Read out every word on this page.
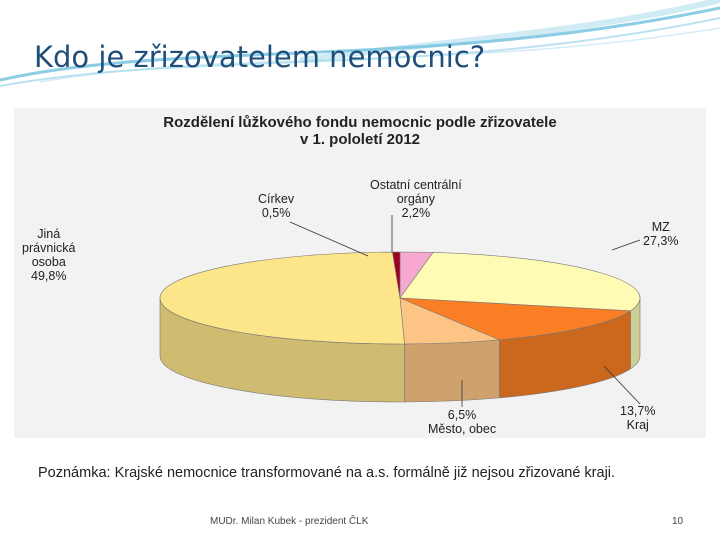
Kdo je zřizovatelem nemocnic?
Rozdělení lůžkového fondu nemocnic podle zřizovatele
v 1. pololetí 2012
Ostatní centrální
orgány
2,2%
Církev
0,5%
MZ
27,3%
Jiná
právnická
osoba
49,8%
6,5%
Město, obec
13,7%
Kraj
Poznámka: Krajské nemocnice transformované na a.s. formálně již nejsou zřizované kraji.
MUDr. Milan Kubek - prezident ČLK	10
